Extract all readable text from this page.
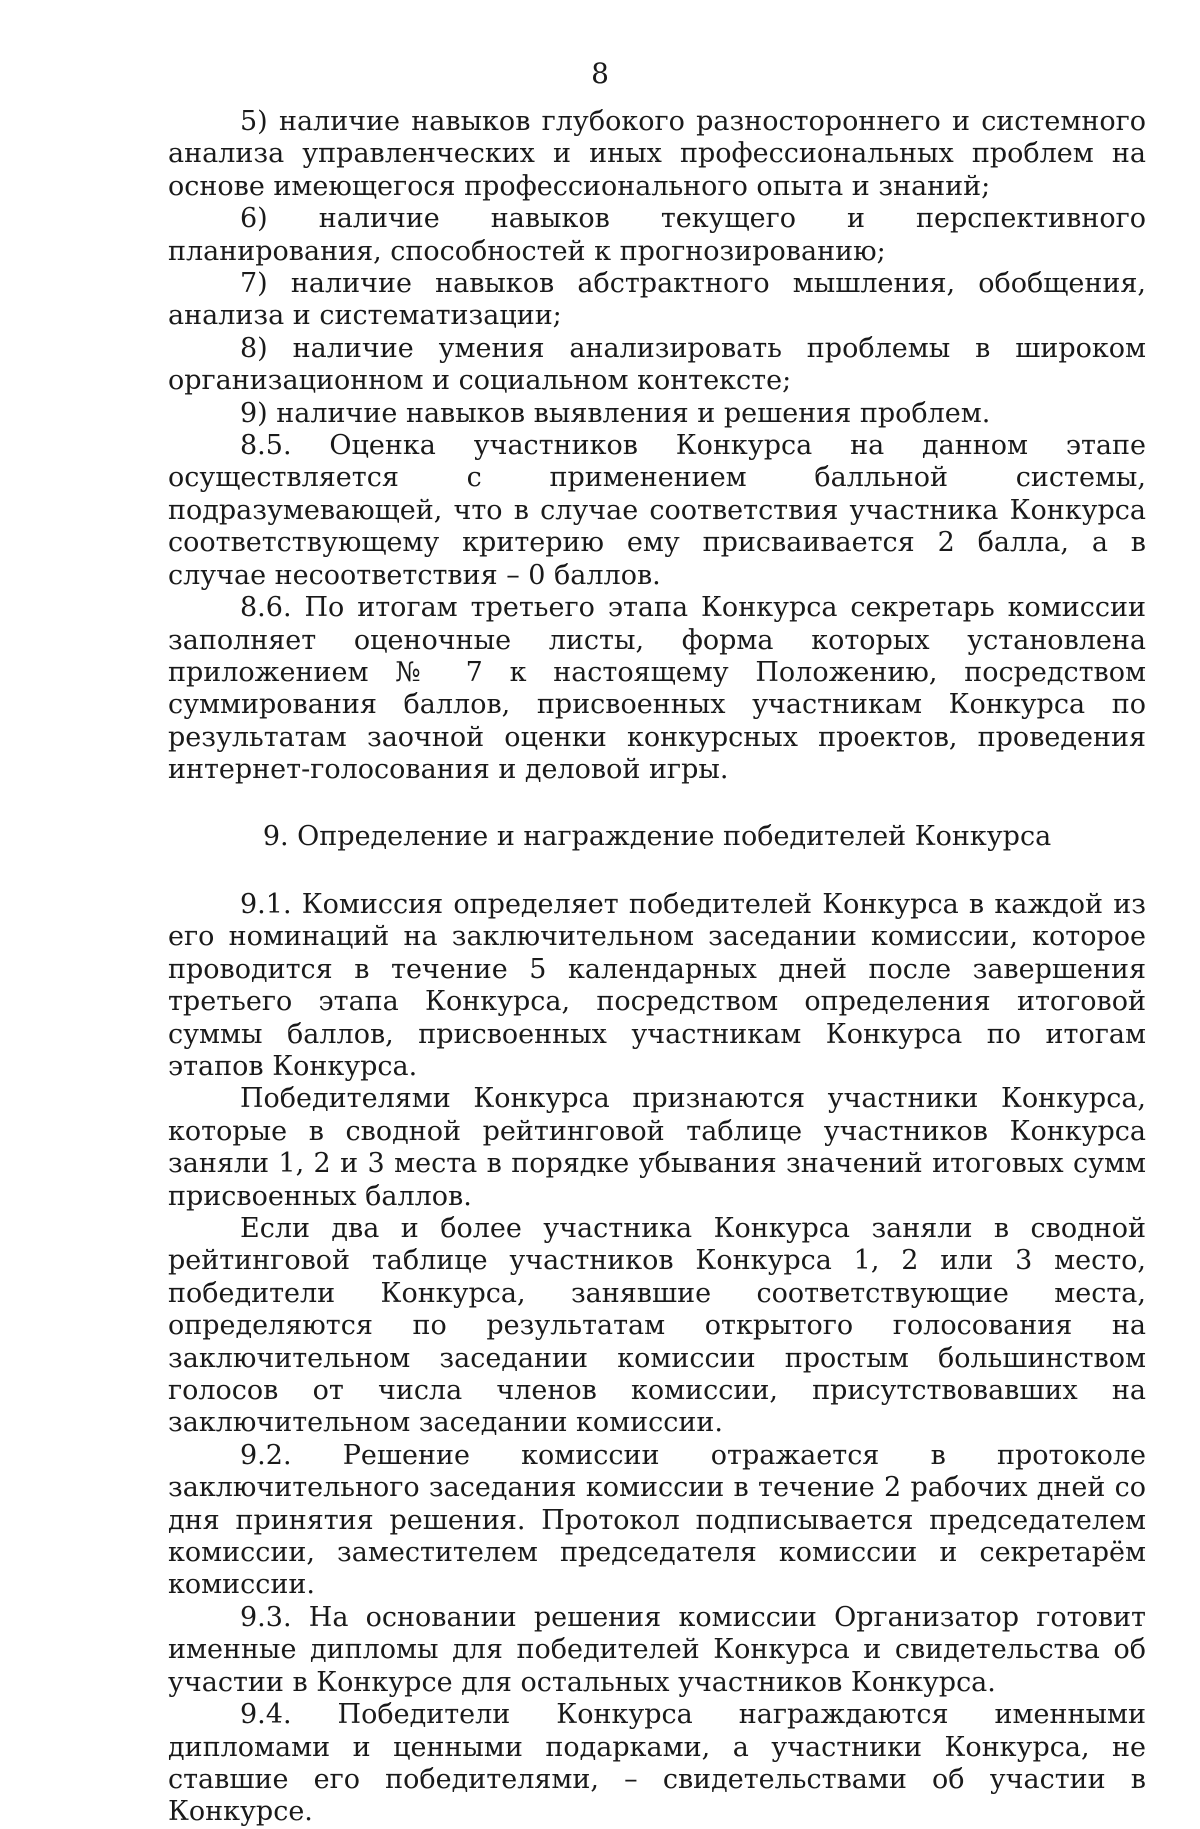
8

5) наличие навыков глубокого разностороннего и системного анализа управленческих и иных профессиональных проблем на основе имеющегося профессионального опыта и знаний;

6) наличие навыков текущего и перспективного планирования, способностей к прогнозированию;

7) наличие навыков абстрактного мышления, обобщения, анализа и систематизации;

8) наличие умения анализировать проблемы в широком организационном и социальном контексте;

9) наличие навыков выявления и решения проблем.

8.5. Оценка участников Конкурса на данном этапе осуществляется с применением балльной системы, подразумевающей, что в случае соответствия участника Конкурса соответствующему критерию ему присваивается 2 балла, а в случае несоответствия – 0 баллов.

8.6. По итогам третьего этапа Конкурса секретарь комиссии заполняет оценочные листы, форма которых установлена приложением № 7 к настоящему Положению, посредством суммирования баллов, присвоенных участникам Конкурса по результатам заочной оценки конкурсных проектов, проведения интернет-голосования и деловой игры.

9. Определение и награждение победителей Конкурса

9.1. Комиссия определяет победителей Конкурса в каждой из его номинаций на заключительном заседании комиссии, которое проводится в течение 5 календарных дней после завершения третьего этапа Конкурса, посредством определения итоговой суммы баллов, присвоенных участникам Конкурса по итогам этапов Конкурса.

Победителями Конкурса признаются участники Конкурса, которые в сводной рейтинговой таблице участников Конкурса заняли 1, 2 и 3 места в порядке убывания значений итоговых сумм присвоенных баллов.

Если два и более участника Конкурса заняли в сводной рейтинговой таблице участников Конкурса 1, 2 или 3 место, победители Конкурса, занявшие соответствующие места, определяются по результатам открытого голосования на заключительном заседании комиссии простым большинством голосов от числа членов комиссии, присутствовавших на заключительном заседании комиссии.

9.2. Решение комиссии отражается в протоколе заключительного заседания комиссии в течение 2 рабочих дней со дня принятия решения. Протокол подписывается председателем комиссии, заместителем председателя комиссии и секретарём комиссии.

9.3. На основании решения комиссии Организатор готовит именные дипломы для победителей Конкурса и свидетельства об участии в Конкурсе для остальных участников Конкурса.

9.4. Победители Конкурса награждаются именными дипломами и ценными подарками, а участники Конкурса, не ставшие его победителями, – свидетельствами об участии в Конкурсе.
